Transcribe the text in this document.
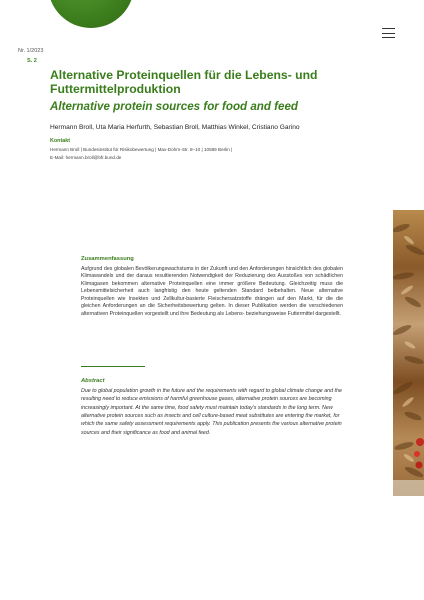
Nr. 1/2023
S. 2
Alternative Proteinquellen für die Lebens- und Futtermittelproduktion
Alternative protein sources for food and feed
Hermann Broll, Uta Maria Herfurth, Sebastian Broll, Matthias Winkel, Cristiano Garino
Kontakt
Hermann Broll | Bundesinstitut für Risikobewertung | Max-Dohrn-Str. 8–10 | 10589 Berlin |
E-Mail: hermann.broll@bfr.bund.de
Zusammenfassung

Aufgrund des globalen Bevölkerungswachstums in der Zukunft und den Anforderungen hinsichtlich des globalen Klimawandels und der daraus resultierenden Notwendigkeit der Reduzierung des Ausstoßes von schädlichen Klimagasen bekommen alternative Proteinquellen eine immer größere Bedeutung. Gleichzeitig muss die Lebensmittelsicherheit auch langfristig den heute geltenden Standard beibehalten. Neue alternative Proteinquellen wie Insekten und Zellkultur-basierte Fleischersatzstoffe drängen auf den Markt, für die die gleichen Anforderungen an die Sicherheitsbewertung gelten. In dieser Publikation werden die verschiedenen alternativen Proteinquellen vorgestellt und ihre Bedeutung als Lebens- beziehungsweise Futtermittel dargestellt.

Abstract

Due to global population growth in the future and the requirements with regard to global climate change and the resulting need to reduce emissions of harmful greenhouse gases, alternative protein sources are becoming increasingly important. At the same time, food safety must maintain today's standards in the long term. New alternative protein sources such as insects and cell culture-based meat substitutes are entering the market, for which the same safety assessment requirements apply. This publication presents the various alternative protein sources and their significance as food and animal feed.
